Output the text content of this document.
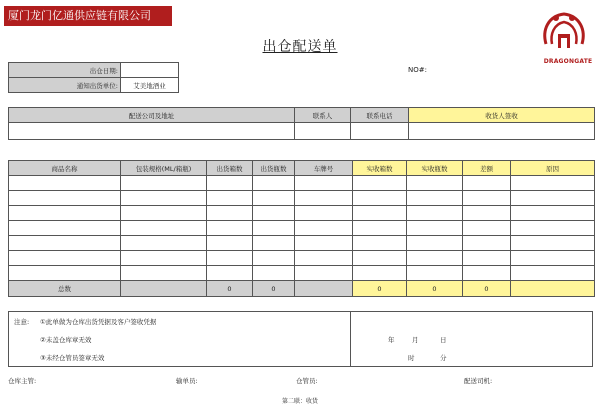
厦门龙门亿通供应链有限公司
DRAGONGATE
出仓配送单
NO#:
出仓日期:	
通知出货单位:	艾美地酒业
配送公司及地址	联系人	联系电话	收货人签收

商品名称	包装规格(ML/箱瓶)	出货箱数	出货瓶数	车牌号	实收箱数	实收瓶数	差额	原因

总数		0	0		0	0	0	
注意: ①此单做为仓库出货凭据及客户签收凭据
②未盖仓库章无效
③未经仓管员签章无效
年	月	日
时	分
仓库主管:	输单员:	仓管员:	配送司机:
第二联：收货
